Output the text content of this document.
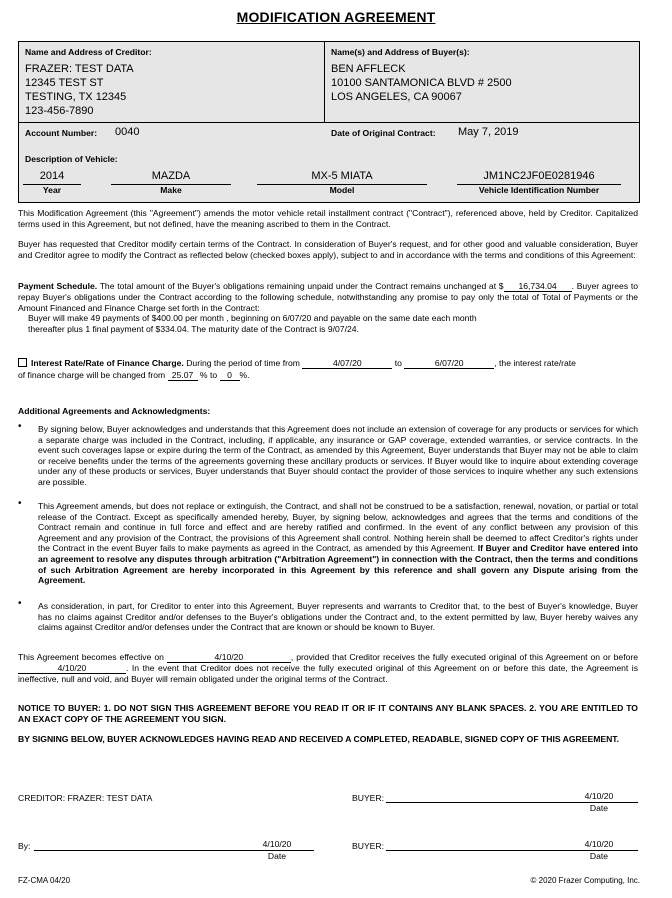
MODIFICATION AGREEMENT
Name and Address of Creditor:
FRAZER: TEST DATA
12345 TEST ST
TESTING, TX 12345
123-456-7890
Name(s) and Address of Buyer(s):
BEN AFFLECK
10100 SANTAMONICA BLVD # 2500
LOS ANGELES, CA 90067
Account Number: 0040	Date of Original Contract: May 7, 2019
Description of Vehicle:
2014	MAZDA	MX-5 MIATA	JM1NC2JF0E0281946
Year	Make	Model	Vehicle Identification Number
This Modification Agreement (this "Agreement") amends the motor vehicle retail installment contract ("Contract"), referenced above, held by Creditor. Capitalized terms used in this Agreement, but not defined, have the meaning ascribed to them in the Contract.
Buyer has requested that Creditor modify certain terms of the Contract. In consideration of Buyer's request, and for other good and valuable consideration, Buyer and Creditor agree to modify the Contract as reflected below (checked boxes apply), subject to and in accordance with the terms and conditions of this Agreement:
Payment Schedule. The total amount of the Buyer's obligations remaining unpaid under the Contract remains unchanged at $ 16,734.04 . Buyer agrees to repay Buyer's obligations under the Contract according to the following schedule, notwithstanding any promise to pay only the total of Total of Payments or the Amount Financed and Finance Charge set forth in the Contract:
Buyer will make 49 payments of $400.00 per month , beginning on 6/07/20 and payable on the same date each month
thereafter plus 1 final payment of $334.04. The maturity date of the Contract is 9/07/24.
Interest Rate/Rate of Finance Charge. During the period of time from	4/07/20	to	6/07/20	, the interest rate/rate
of finance charge will be changed from 25.07 % to 0 %.
Additional Agreements and Acknowledgments:
• By signing below, Buyer acknowledges and understands that this Agreement does not include an extension of coverage for any products or services for which a separate charge was included in the Contract, including, if applicable, any insurance or GAP coverage, extended warranties, or service contracts. In the event such coverages lapse or expire during the term of the Contract, as amended by this Agreement, Buyer understands that Buyer may not be able to claim or receive benefits under the terms of the agreements governing these ancillary products or services. If Buyer would like to inquire about extending coverage under any of these products or services, Buyer understands that Buyer should contact the provider of those services to inquire whether any such extensions are possible.
• This Agreement amends, but does not replace or extinguish, the Contract, and shall not be construed to be a satisfaction, renewal, novation, or partial or total release of the Contract. Except as specifically amended hereby, Buyer, by signing below, acknowledges and agrees that the terms and conditions of the Contract remain and continue in full force and effect and are hereby ratified and confirmed. In the event of any conflict between any provision of this Agreement and any provision of the Contract, the provisions of this Agreement shall control. Nothing herein shall be deemed to affect Creditor's rights under the Contract in the event Buyer fails to make payments as agreed in the Contract, as amended by this Agreement. If Buyer and Creditor have entered into an agreement to resolve any disputes through arbitration ("Arbitration Agreement") in connection with the Contract, then the terms and conditions of such Arbitration Agreement are hereby incorporated in this Agreement by this reference and shall govern any Dispute arising from the Agreement.
• As consideration, in part, for Creditor to enter into this Agreement, Buyer represents and warrants to Creditor that, to the best of Buyer's knowledge, Buyer has no claims against Creditor and/or defenses to the Buyer's obligations under the Contract and, to the extent permitted by law, Buyer hereby waives any claims against Creditor and/or defenses under the Contract that are known or should be known to Buyer.
This Agreement becomes effective on	4/10/20	, provided that Creditor receives the fully executed original of this Agreement on or before 4/10/20	. In the event that Creditor does not receive the fully executed original of this Agreement on or before this date, the Agreement is ineffective, null and void, and Buyer will remain obligated under the original terms of the Contract.
NOTICE TO BUYER: 1. DO NOT SIGN THIS AGREEMENT BEFORE YOU READ IT OR IF IT CONTAINS ANY BLANK SPACES. 2. YOU ARE ENTITLED TO AN EXACT COPY OF THE AGREEMENT YOU SIGN.
BY SIGNING BELOW, BUYER ACKNOWLEDGES HAVING READ AND RECEIVED A COMPLETED, READABLE, SIGNED COPY OF THIS AGREEMENT.
CREDITOR: FRAZER: TEST DATA	BUYER:	4/10/20
Date
By:	4/10/20
Date
BUYER:	4/10/20
Date
FZ-CMA 04/20	© 2020 Frazer Computing, Inc.
